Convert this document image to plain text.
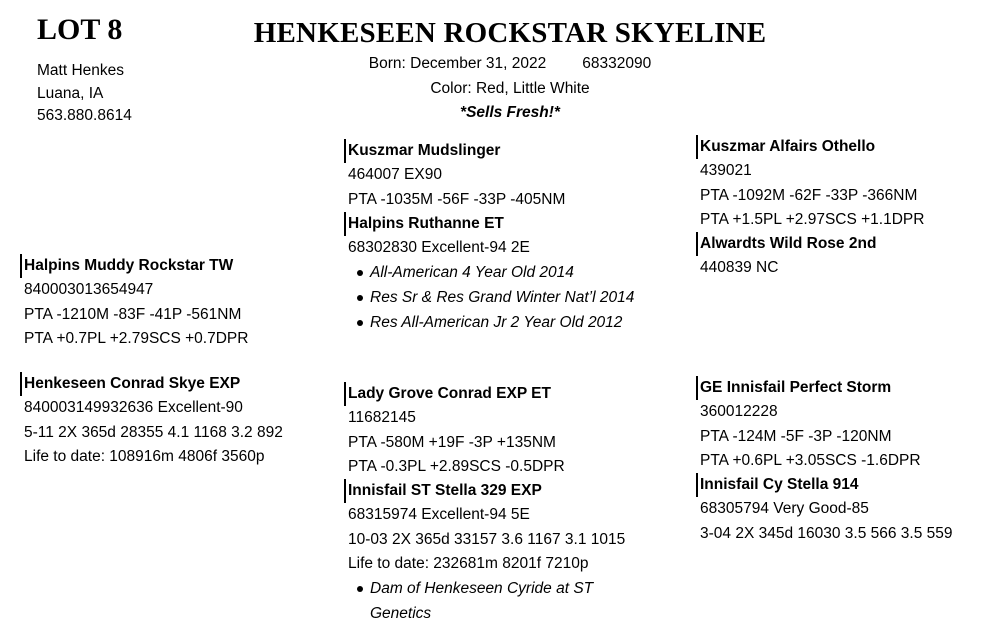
LOT 8
Matt Henkes
Luana, IA
563.880.8614
HENKESEEN ROCKSTAR SKYELINE
Born: December 31, 2022 68332090
Color: Red, Little White
*Sells Fresh!*
Halpins Muddy Rockstar TW
840003013654947
PTA -1210M -83F -41P -561NM
PTA +0.7PL +2.79SCS +0.7DPR
Henkeseen Conrad Skye EXP
840003149932636 Excellent-90
5-11 2X 365d 28355 4.1 1168 3.2 892
Life to date: 108916m 4806f 3560p
Kuszmar Mudslinger
464007 EX90
PTA -1035M -56F -33P -405NM
Halpins Ruthanne ET
68302830 Excellent-94 2E
All-American 4 Year Old 2014
Res Sr & Res Grand Winter Nat’l 2014
Res All-American Jr 2 Year Old 2012
Kuszmar Alfairs Othello
439021
PTA -1092M -62F -33P -366NM
PTA +1.5PL +2.97SCS +1.1DPR
Alwardts Wild Rose 2nd
440839 NC
Lady Grove Conrad EXP ET
11682145
PTA -580M +19F -3P +135NM
PTA -0.3PL +2.89SCS -0.5DPR
Innisfail ST Stella 329 EXP
68315974 Excellent-94 5E
10-03 2X 365d 33157 3.6 1167 3.1 1015
Life to date: 232681m 8201f 7210p
Dam of Henkeseen Cyride at ST
Genetics
GE Innisfail Perfect Storm
360012228
PTA -124M -5F -3P -120NM
PTA +0.6PL +3.05SCS -1.6DPR
Innisfail Cy Stella 914
68305794 Very Good-85
3-04 2X 345d 16030 3.5 566 3.5 559
